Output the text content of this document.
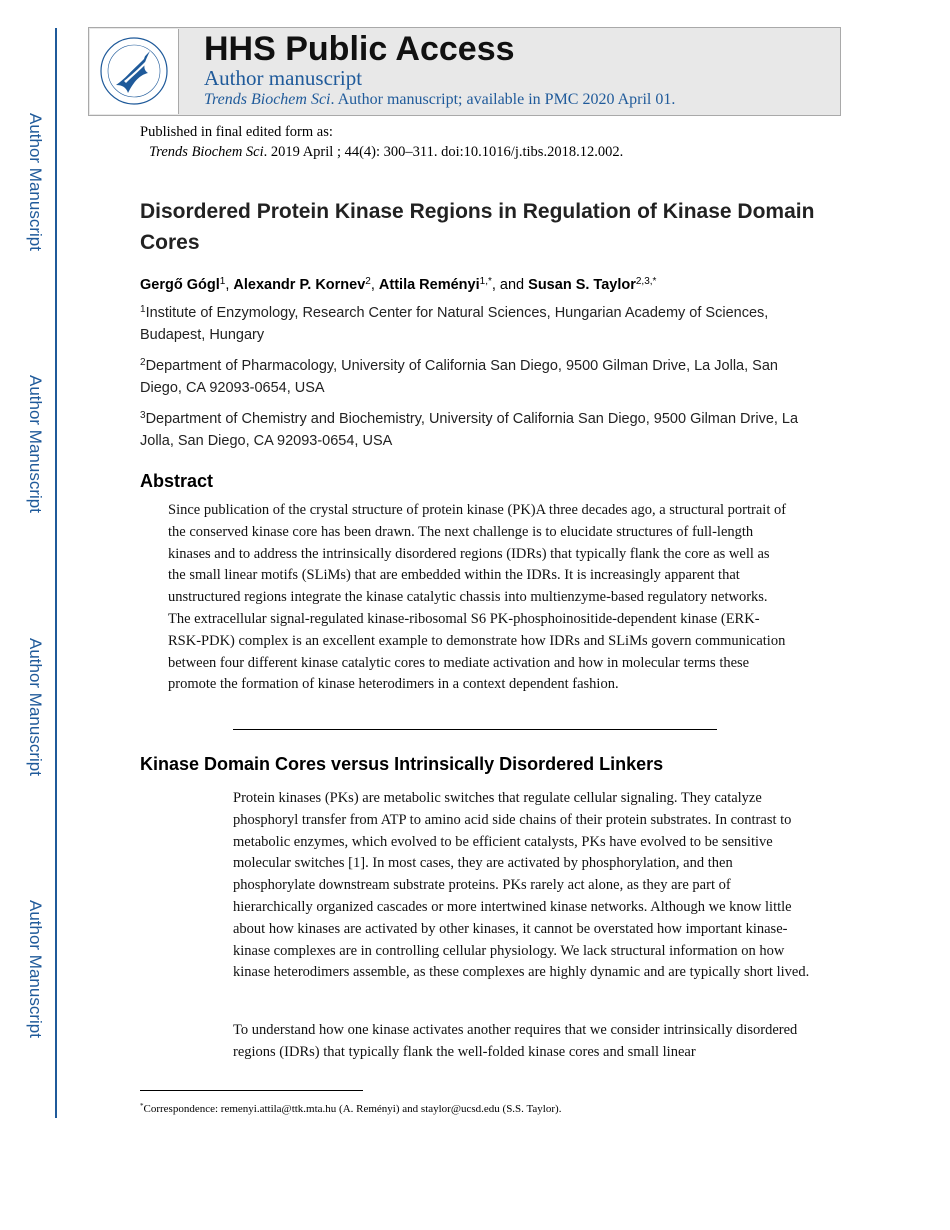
Author Manuscript
Author Manuscript
Author Manuscript
Author Manuscript
HHS Public Access
Author manuscript
Trends Biochem Sci. Author manuscript; available in PMC 2020 April 01.
Published in final edited form as:
Trends Biochem Sci. 2019 April ; 44(4): 300–311. doi:10.1016/j.tibs.2018.12.002.
Disordered Protein Kinase Regions in Regulation of Kinase Domain Cores
Gergő Gógl$^1$, Alexandr P. Kornev$^2$, Attila Reményi$^{1,*}$, and Susan S. Taylor$^{2,3,*}$
$^1$Institute of Enzymology, Research Center for Natural Sciences, Hungarian Academy of Sciences, Budapest, Hungary
$^2$Department of Pharmacology, University of California San Diego, 9500 Gilman Drive, La Jolla, San Diego, CA 92093-0654, USA
$^3$Department of Chemistry and Biochemistry, University of California San Diego, 9500 Gilman Drive, La Jolla, San Diego, CA 92093-0654, USA
Abstract
Since publication of the crystal structure of protein kinase (PK)A three decades ago, a structural portrait of the conserved kinase core has been drawn. The next challenge is to elucidate structures of full-length kinases and to address the intrinsically disordered regions (IDRs) that typically flank the core as well as the small linear motifs (SLiMs) that are embedded within the IDRs. It is increasingly apparent that unstructured regions integrate the kinase catalytic chassis into multienzyme-based regulatory networks. The extracellular signal-regulated kinase-ribosomal S6 PK-phosphoinositide-dependent kinase (ERK-RSK-PDK) complex is an excellent example to demonstrate how IDRs and SLiMs govern communication between four different kinase catalytic cores to mediate activation and how in molecular terms these promote the formation of kinase heterodimers in a context dependent fashion.
Kinase Domain Cores versus Intrinsically Disordered Linkers
Protein kinases (PKs) are metabolic switches that regulate cellular signaling. They catalyze phosphoryl transfer from ATP to amino acid side chains of their protein substrates. In contrast to metabolic enzymes, which evolved to be efficient catalysts, PKs have evolved to be sensitive molecular switches [1]. In most cases, they are activated by phosphorylation, and then phosphorylate downstream substrate proteins. PKs rarely act alone, as they are part of hierarchically organized cascades or more intertwined kinase networks. Although we know little about how kinases are activated by other kinases, it cannot be overstated how important kinase-kinase complexes are in controlling cellular physiology. We lack structural information on how kinase heterodimers assemble, as these complexes are highly dynamic and are typically short lived.
To understand how one kinase activates another requires that we consider intrinsically disordered regions (IDRs) that typically flank the well-folded kinase cores and small linear
*Correspondence: remenyi.attila@ttk.mta.hu (A. Reményi) and staylor@ucsd.edu (S.S. Taylor).
